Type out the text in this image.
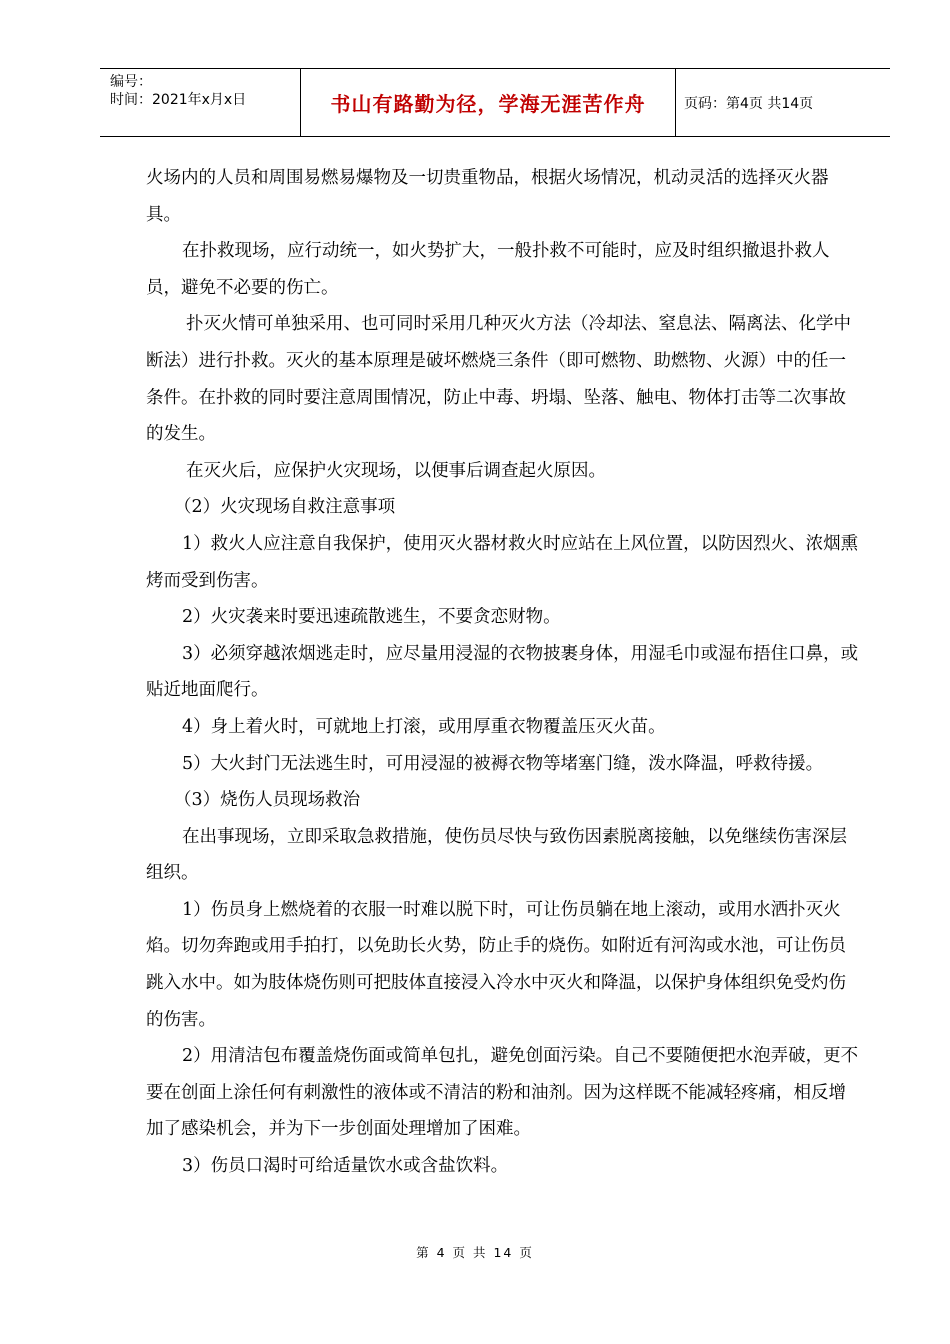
编号：
时间：2021年x月x日	书山有路勤为径，学海无涯苦作舟	页码：第4页 共14页

火场内的人员和周围易燃易爆物及一切贵重物品，根据火场情况，机动灵活的选择灭火器具。

在扑救现场，应行动统一，如火势扩大，一般扑救不可能时，应及时组织撤退扑救人员，避免不必要的伤亡。

扑灭火情可单独采用、也可同时采用几种灭火方法（冷却法、窒息法、隔离法、化学中断法）进行扑救。灭火的基本原理是破坏燃烧三条件（即可燃物、助燃物、火源）中的任一条件。在扑救的同时要注意周围情况，防止中毒、坍塌、坠落、触电、物体打击等二次事故的发生。

在灭火后，应保护火灾现场，以便事后调查起火原因。

（2）火灾现场自救注意事项

1）救火人应注意自我保护，使用灭火器材救火时应站在上风位置，以防因烈火、浓烟熏烤而受到伤害。

2）火灾袭来时要迅速疏散逃生，不要贪恋财物。

3）必须穿越浓烟逃走时，应尽量用浸湿的衣物披裹身体，用湿毛巾或湿布捂住口鼻，或贴近地面爬行。

4）身上着火时，可就地上打滚，或用厚重衣物覆盖压灭火苗。

5）大火封门无法逃生时，可用浸湿的被褥衣物等堵塞门缝，泼水降温，呼救待援。

（3）烧伤人员现场救治

在出事现场，立即采取急救措施，使伤员尽快与致伤因素脱离接触，以免继续伤害深层组织。

1）伤员身上燃烧着的衣服一时难以脱下时，可让伤员躺在地上滚动，或用水洒扑灭火焰。切勿奔跑或用手拍打，以免助长火势，防止手的烧伤。如附近有河沟或水池，可让伤员跳入水中。如为肢体烧伤则可把肢体直接浸入冷水中灭火和降温，以保护身体组织免受灼伤的伤害。

2）用清洁包布覆盖烧伤面或简单包扎，避免创面污染。自己不要随便把水泡弄破，更不要在创面上涂任何有刺激性的液体或不清洁的粉和油剂。因为这样既不能减轻疼痛，相反增加了感染机会，并为下一步创面处理增加了困难。

3）伤员口渴时可给适量饮水或含盐饮料。

第 4 页 共 14 页
